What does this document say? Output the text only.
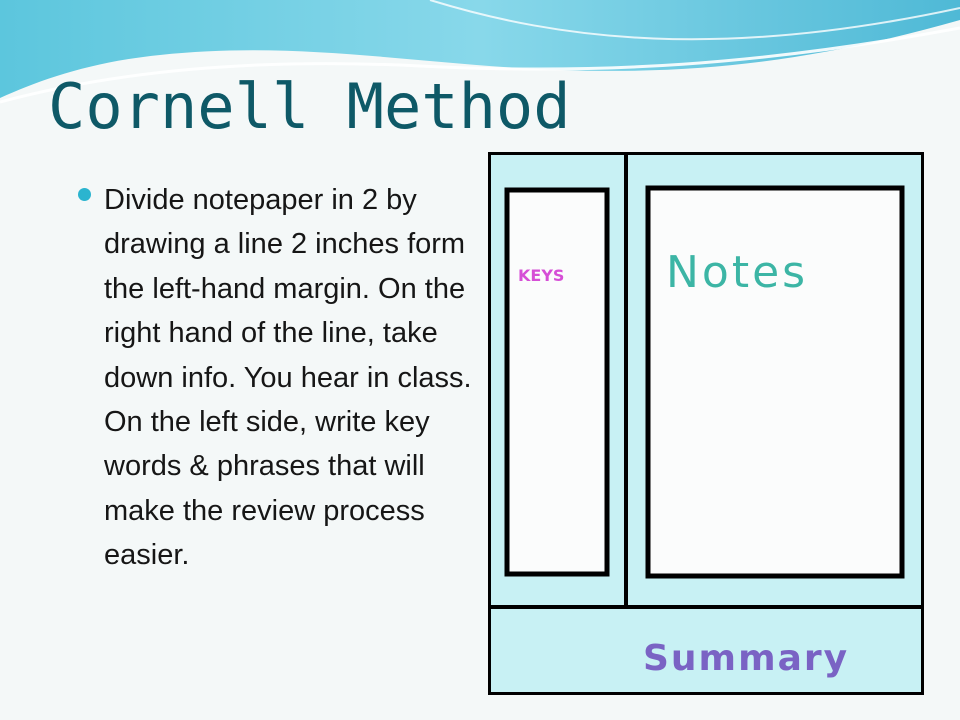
Cornell Method
Divide notepaper in 2 by drawing a line 2 inches form the left-hand margin. On the right hand of the line, take down info. You hear in class. On the left side, write key words & phrases that will make the review process easier.
KEYS Notes
Summary
